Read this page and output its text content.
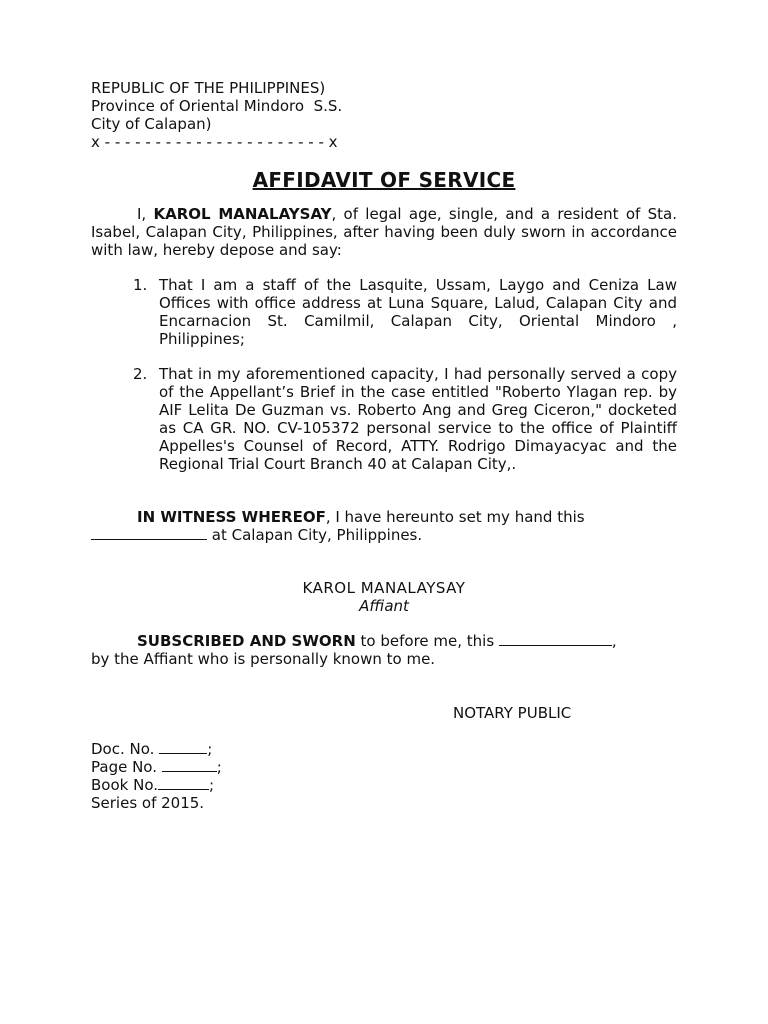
REPUBLIC OF THE PHILIPPINES)
Province of Oriental Mindoro  S.S.
City of Calapan)
x - - - - - - - - - - - - - - - - - - - - - - x
AFFIDAVIT OF SERVICE
I, KAROL MANALAYSAY, of legal age, single, and a resident of Sta. Isabel, Calapan City, Philippines, after having been duly sworn in accordance with law, hereby depose and say:
1. That I am a staff of the Lasquite, Ussam, Laygo and Ceniza Law Offices with office address at Luna Square, Lalud, Calapan City and Encarnacion St. Camilmil, Calapan City, Oriental Mindoro , Philippines;
2. That in my aforementioned capacity, I had personally served a copy of the Appellant’s Brief in the case entitled "Roberto Ylagan rep. by AIF Lelita De Guzman vs. Roberto Ang and Greg Ciceron," docketed as CA GR. NO. CV-105372 personal service to the office of Plaintiff Appelles's Counsel of Record, ATTY. Rodrigo Dimayacyac and the Regional Trial Court Branch 40 at Calapan City,.
IN WITNESS WHEREOF, I have hereunto set my hand this
at Calapan City, Philippines.
KAROL MANALAYSAY
Affiant
SUBSCRIBED AND SWORN to before me, this	,
by the Affiant who is personally known to me.
NOTARY PUBLIC
Doc. No.	;
Page No.	;
Book No.	;
Series of 2015.
